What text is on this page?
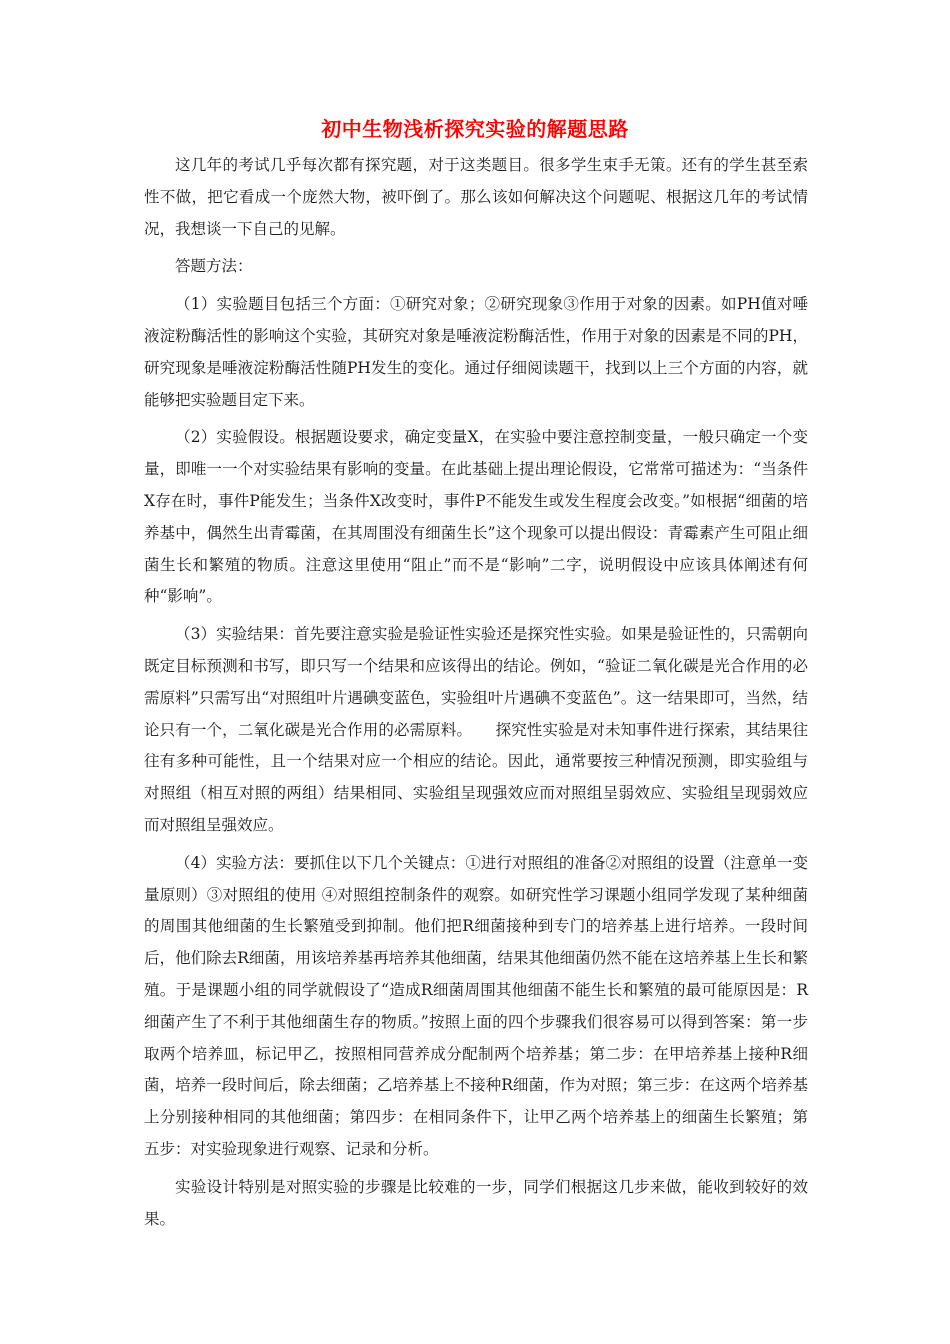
初中生物浅析探究实验的解题思路

这几年的考试几乎每次都有探究题，对于这类题目。很多学生束手无策。还有的学生甚至索性不做，把它看成一个庞然大物，被吓倒了。那么该如何解决这个问题呢、根据这几年的考试情况，我想谈一下自己的见解。

答题方法：

（1）实验题目包括三个方面：①研究对象；②研究现象③作用于对象的因素。如PH值对唾液淀粉酶活性的影响这个实验，其研究对象是唾液淀粉酶活性，作用于对象的因素是不同的PH，研究现象是唾液淀粉酶活性随PH发生的变化。通过仔细阅读题干，找到以上三个方面的内容，就能够把实验题目定下来。

（2）实验假设。根据题设要求，确定变量X，在实验中要注意控制变量，一般只确定一个变量，即唯一一个对实验结果有影响的变量。在此基础上提出理论假设，它常常可描述为：“当条件X存在时，事件P能发生；当条件X改变时，事件P不能发生或发生程度会改变。”如根据“细菌的培养基中，偶然生出青霉菌，在其周围没有细菌生长”这个现象可以提出假设：青霉素产生可阻止细菌生长和繁殖的物质。注意这里使用“阻止”而不是“影响”二字，说明假设中应该具体阐述有何种“影响”。

（3）实验结果：首先要注意实验是验证性实验还是探究性实验。如果是验证性的，只需朝向既定目标预测和书写，即只写一个结果和应该得出的结论。例如，“验证二氧化碳是光合作用的必需原料”只需写出“对照组叶片遇碘变蓝色，实验组叶片遇碘不变蓝色”。这一结果即可，当然，结论只有一个，二氧化碳是光合作用的必需原料。　　探究性实验是对未知事件进行探索，其结果往往有多种可能性，且一个结果对应一个相应的结论。因此，通常要按三种情况预测，即实验组与对照组（相互对照的两组）结果相同、实验组呈现强效应而对照组呈弱效应、实验组呈现弱效应而对照组呈强效应。

（4）实验方法：要抓住以下几个关键点：①进行对照组的准备②对照组的设置（注意单一变量原则）③对照组的使用 ④对照组控制条件的观察。如研究性学习课题小组同学发现了某种细菌的周围其他细菌的生长繁殖受到抑制。他们把R细菌接种到专门的培养基上进行培养。一段时间后，他们除去R细菌，用该培养基再培养其他细菌，结果其他细菌仍然不能在这培养基上生长和繁殖。于是课题小组的同学就假设了“造成R细菌周围其他细菌不能生长和繁殖的最可能原因是：R细菌产生了不利于其他细菌生存的物质。”按照上面的四个步骤我们很容易可以得到答案：第一步取两个培养皿，标记甲乙，按照相同营养成分配制两个培养基；第二步：在甲培养基上接种R细菌，培养一段时间后，除去细菌；乙培养基上不接种R细菌，作为对照；第三步：在这两个培养基上分别接种相同的其他细菌；第四步：在相同条件下，让甲乙两个培养基上的细菌生长繁殖；第五步：对实验现象进行观察、记录和分析。

实验设计特别是对照实验的步骤是比较难的一步，同学们根据这几步来做，能收到较好的效果。
